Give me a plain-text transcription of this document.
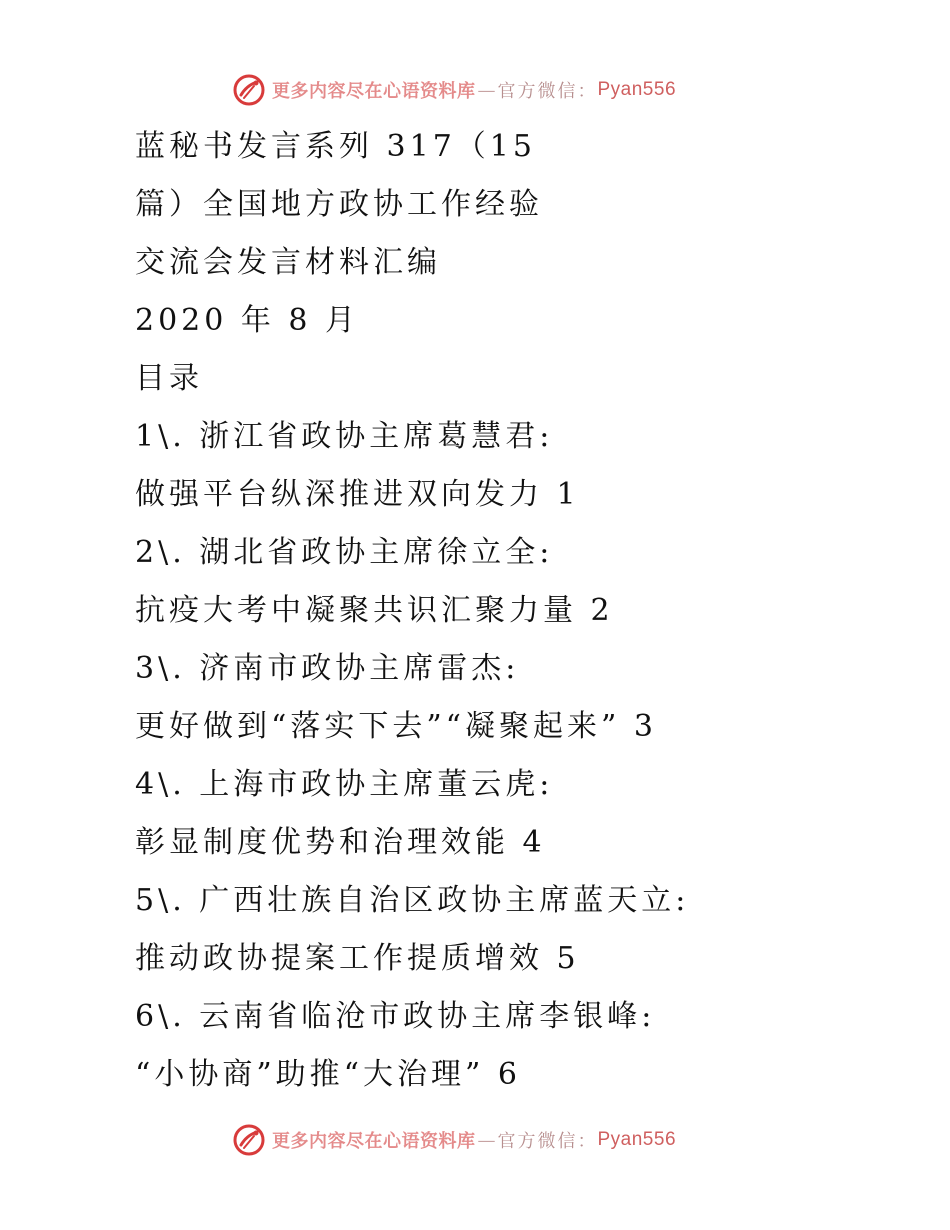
更多内容尽在心语资料库 — 官方微信： Pyan556
蓝秘书发言系列 317（15
篇）全国地方政协工作经验
交流会发言材料汇编
2020 年 8 月
目录
1\. 浙江省政协主席葛慧君:
做强平台纵深推进双向发力 1
2\. 湖北省政协主席徐立全:
抗疫大考中凝聚共识汇聚力量 2
3\. 济南市政协主席雷杰:
更好做到“落实下去”“凝聚起来” 3
4\. 上海市政协主席董云虎:
彰显制度优势和治理效能 4
5\. 广西壮族自治区政协主席蓝天立:
推动政协提案工作提质增效 5
6\. 云南省临沧市政协主席李银峰:
“小协商”助推“大治理” 6
更多内容尽在心语资料库 — 官方微信： Pyan556
